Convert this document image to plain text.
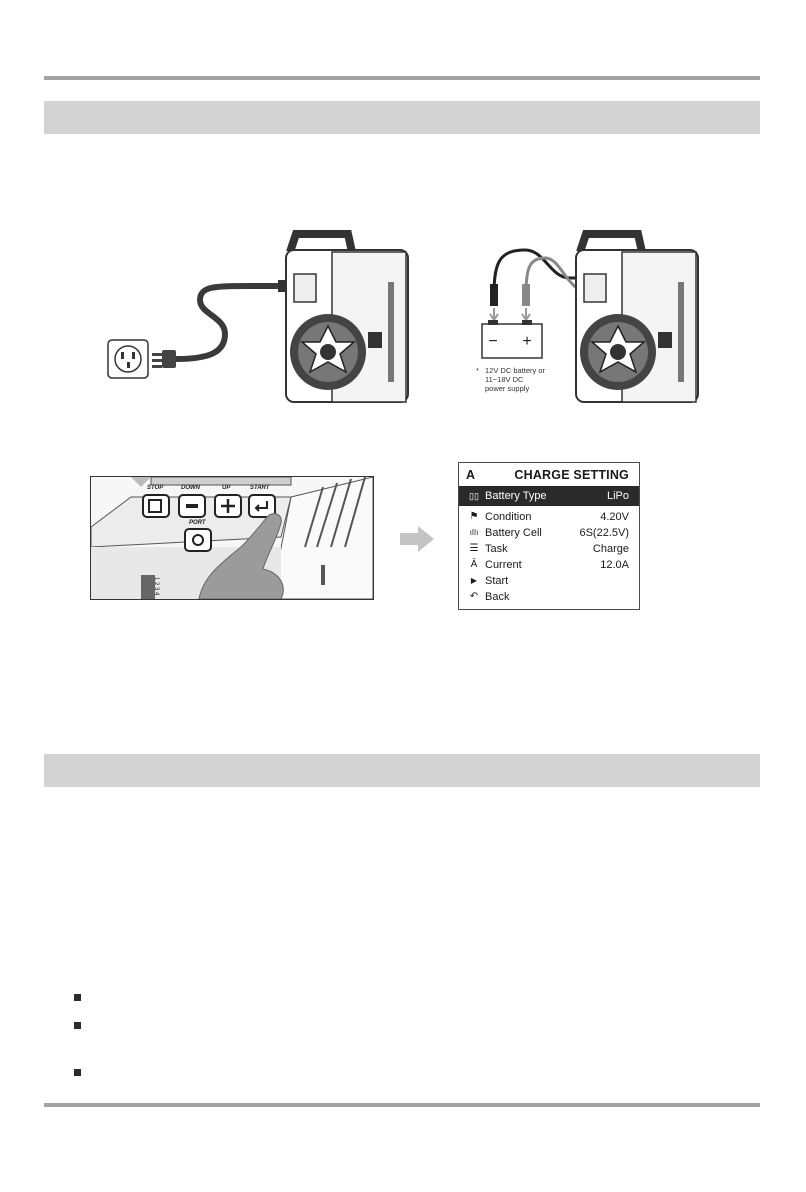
− +
* 12V DC battery or
11~18V DC
power supply
STOP	DOWN	UP	START
PORT
1 2 3 4
A	CHARGE SETTING
▯▯ Battery Type	LiPo
⚑ Condition	4.20V
ıǀǀı Battery Cell	6S(22.5V)
☰ Task	Charge
Ā Current	12.0A
▶ Start
↶ Back
